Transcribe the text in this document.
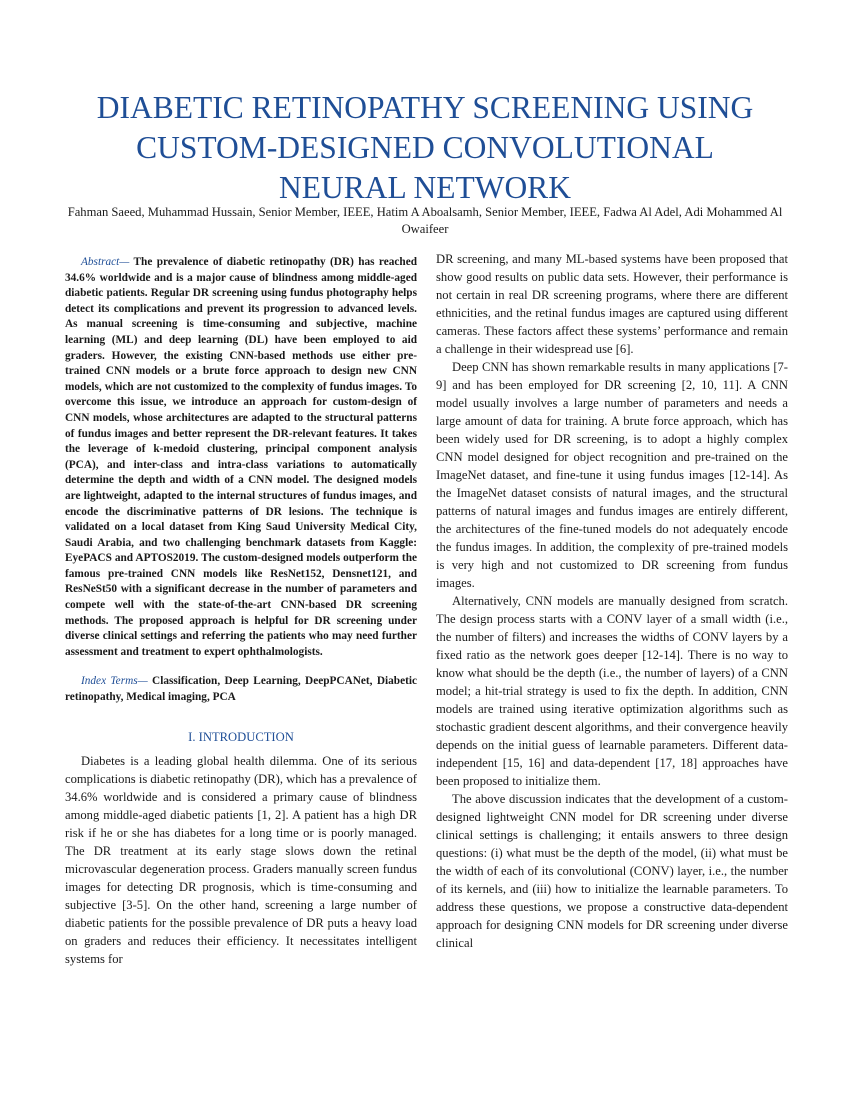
DIABETIC RETINOPATHY SCREENING USING
CUSTOM-DESIGNED CONVOLUTIONAL
NEURAL NETWORK
Fahman Saeed, Muhammad Hussain, Senior Member, IEEE, Hatim A Aboalsamh, Senior Member, IEEE, Fadwa Al Adel, Adi Mohammed Al Owaifeer

Abstract— The prevalence of diabetic retinopathy (DR) has reached 34.6% worldwide and is a major cause of blindness among middle-aged diabetic patients. Regular DR screening using fundus photography helps detect its complications and prevent its progression to advanced levels. As manual screening is time-consuming and subjective, machine learning (ML) and deep learning (DL) have been employed to aid graders. However, the existing CNN-based methods use either pre-trained CNN models or a brute force approach to design new CNN models, which are not customized to the complexity of fundus images. To overcome this issue, we introduce an approach for custom-design of CNN models, whose architectures are adapted to the structural patterns of fundus images and better represent the DR-relevant features. It takes the leverage of k-medoid clustering, principal component analysis (PCA), and inter-class and intra-class variations to automatically determine the depth and width of a CNN model. The designed models are lightweight, adapted to the internal structures of fundus images, and encode the discriminative patterns of DR lesions. The technique is validated on a local dataset from King Saud University Medical City, Saudi Arabia, and two challenging benchmark datasets from Kaggle: EyePACS and APTOS2019. The custom-designed models outperform the famous pre-trained CNN models like ResNet152, Densnet121, and ResNeSt50 with a significant decrease in the number of parameters and compete well with the state-of-the-art CNN-based DR screening methods. The proposed approach is helpful for DR screening under diverse clinical settings and referring the patients who may need further assessment and treatment to expert ophthalmologists.

Index Terms— Classification, Deep Learning, DeepPCANet, Diabetic retinopathy, Medical imaging, PCA

I. INTRODUCTION

Diabetes is a leading global health dilemma. One of its serious complications is diabetic retinopathy (DR), which has a prevalence of 34.6% worldwide and is considered a primary cause of blindness among middle-aged diabetic patients [1, 2]. A patient has a high DR risk if he or she has diabetes for a long time or is poorly managed. The DR treatment at its early stage slows down the retinal microvascular degeneration process. Graders manually screen fundus images for detecting DR prognosis, which is time-consuming and subjective [3-5]. On the other hand, screening a large number of diabetic patients for the possible prevalence of DR puts a heavy load on graders and reduces their efficiency. It necessitates intelligent systems for

DR screening, and many ML-based systems have been proposed that show good results on public data sets. However, their performance is not certain in real DR screening programs, where there are different ethnicities, and the retinal fundus images are captured using different cameras. These factors affect these systems’ performance and remain a challenge in their widespread use [6].

Deep CNN has shown remarkable results in many applications [7-9] and has been employed for DR screening [2, 10, 11]. A CNN model usually involves a large number of parameters and needs a large amount of data for training. A brute force approach, which has been widely used for DR screening, is to adopt a highly complex CNN model designed for object recognition and pre-trained on the ImageNet dataset, and fine-tune it using fundus images [12-14]. As the ImageNet dataset consists of natural images, and the structural patterns of natural images and fundus images are entirely different, the architectures of the fine-tuned models do not adequately encode the fundus images. In addition, the complexity of pre-trained models is very high and not customized to DR screening from fundus images.

Alternatively, CNN models are manually designed from scratch. The design process starts with a CONV layer of a small width (i.e., the number of filters) and increases the widths of CONV layers by a fixed ratio as the network goes deeper [12-14]. There is no way to know what should be the depth (i.e., the number of layers) of a CNN model; a hit-trial strategy is used to fix the depth. In addition, CNN models are trained using iterative optimization algorithms such as stochastic gradient descent algorithms, and their convergence heavily depends on the initial guess of learnable parameters. Different data-independent [15, 16] and data-dependent [17, 18] approaches have been proposed to initialize them.

The above discussion indicates that the development of a custom-designed lightweight CNN model for DR screening under diverse clinical settings is challenging; it entails answers to three design questions: (i) what must be the depth of the model, (ii) what must be the width of each of its convolutional (CONV) layer, i.e., the number of its kernels, and (iii) how to initialize the learnable parameters. To address these questions, we propose a constructive data-dependent approach for designing CNN models for DR screening under diverse clinical
